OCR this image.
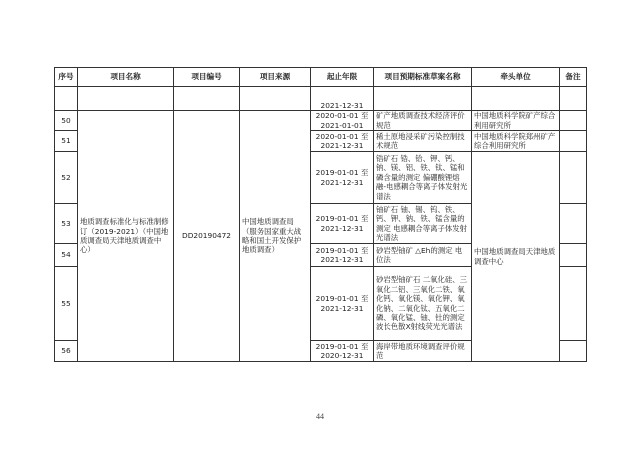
序号	项目名称	项目编号	项目来源	起止年限	项目预期标准草案名称	牵头单位	备注	
				2021-12-31				
50	地质调查标准化与标准制修订（2019-2021）（中国地质调查局天津地质调查中心）	DD20190472	中国地质调查局（服务国家重大战略和国土开发保护地质调查）	2020-01-01 至 2021-01-01	矿产地质调查技术经济评价规范	中国地质科学院矿产综合利用研究所		
51				2020-01-01 至 2021-12-31	稀土原地浸采矿污染控制技术规范	中国地质科学院郑州矿产综合利用研究所		
52				2019-01-01 至 2021-12-31	锆矿石 锆、铪、钾、钙、钠、镁、铝、铁、钛、锰和磷含量的测定 偏硼酸锂熔融-电感耦合等离子体发射光谱法	中国地质调查局天津地质调查中心		
53				2019-01-01 至 2021-12-31	铀矿石 铀、锡、钨、铁、钙、钾、钠、铁、锰含量的测定 电感耦合等离子体发射光谱法			
54				2019-01-01 至 2021-12-31	砂岩型铀矿 △Eh的测定 电位法			
55				2019-01-01 至 2021-12-31	砂岩型铀矿石 二氧化硅、三氧化二铝、三氧化二铁、氧化钙、氧化镁、氧化钾、氧化钠、二氧化钛、五氧化二磷、氧化锰、铀、钍的测定 波长色散X射线荧光光谱法			
56				2019-01-01 至 2020-12-31	海岸带地质环境调查评价规范			
44
